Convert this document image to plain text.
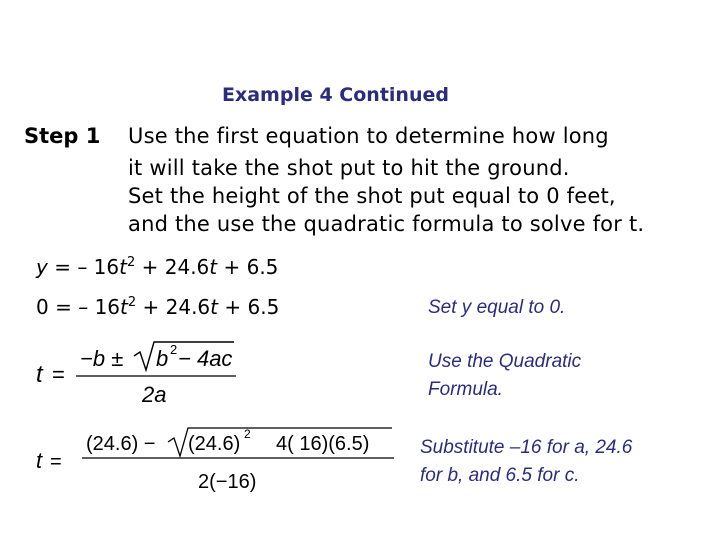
Example 4 Continued
Step 1 Use the first equation to determine how long
it will take the shot put to hit the ground.
Set the height of the shot put equal to 0 feet,
and the use the quadratic formula to solve for t.
y = – $16t^2 + 24.6t + 6.5$
0 = – $16t^2 + 24.6t + 6.5$	Set y equal to 0.
Use the Quadratic
Formula.
Substitute –16 for a, 24.6
for b, and 6.5 for c.
t =
−b ± b 2 − 4ac
2a
t =
(24.6) − (24.6) 2 4( 16)(6.5)
2(−16)
